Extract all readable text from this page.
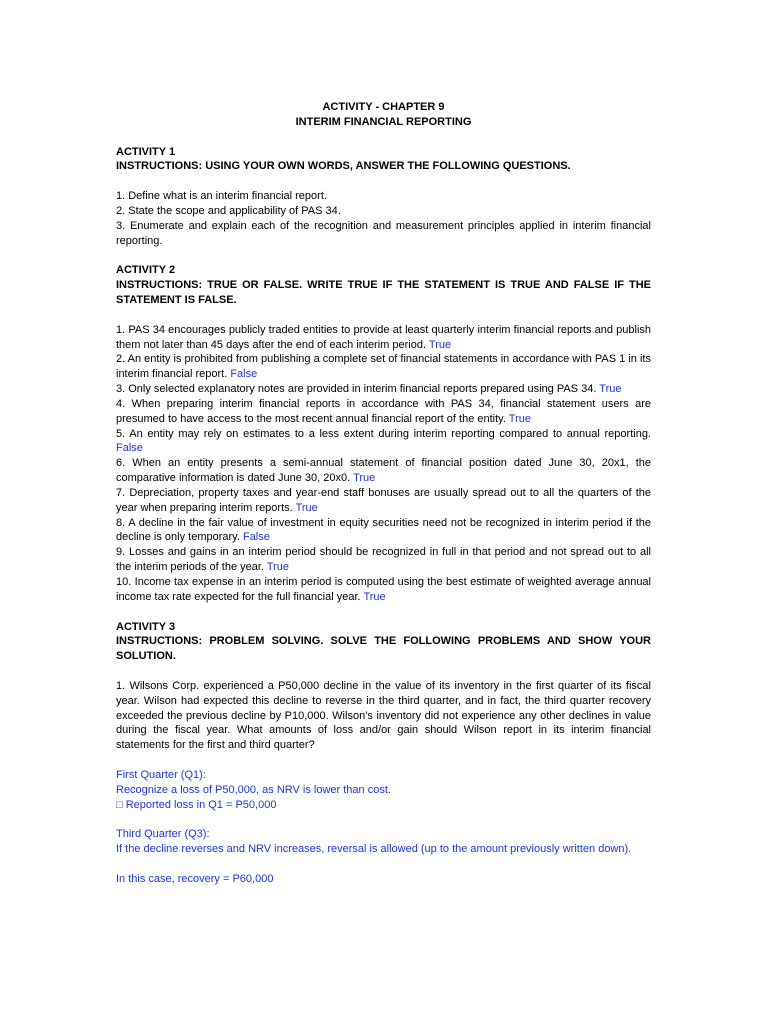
ACTIVITY - CHAPTER 9

INTERIM FINANCIAL REPORTING

ACTIVITY 1

INSTRUCTIONS: USING YOUR OWN WORDS, ANSWER THE FOLLOWING QUESTIONS.

1. Define what is an interim financial report.

2. State the scope and applicability of PAS 34.

3. Enumerate and explain each of the recognition and measurement principles applied in interim financial reporting.

ACTIVITY 2

INSTRUCTIONS: TRUE OR FALSE. WRITE TRUE IF THE STATEMENT IS TRUE AND FALSE IF THE STATEMENT IS FALSE.

1. PAS 34 encourages publicly traded entities to provide at least quarterly interim financial reports and publish them not later than 45 days after the end of each interim period. True

2. An entity is prohibited from publishing a complete set of financial statements in accordance with PAS 1 in its interim financial report. False

3. Only selected explanatory notes are provided in interim financial reports prepared using PAS 34. True

4. When preparing interim financial reports in accordance with PAS 34, financial statement users are presumed to have access to the most recent annual financial report of the entity. True

5. An entity may rely on estimates to a less extent during interim reporting compared to annual reporting. False

6. When an entity presents a semi-annual statement of financial position dated June 30, 20x1, the comparative information is dated June 30, 20x0. True

7. Depreciation, property taxes and year-end staff bonuses are usually spread out to all the quarters of the year when preparing interim reports. True

8. A decline in the fair value of investment in equity securities need not be recognized in interim period if the decline is only temporary. False

9. Losses and gains in an interim period should be recognized in full in that period and not spread out to all the interim periods of the year. True

10. Income tax expense in an interim period is computed using the best estimate of weighted average annual income tax rate expected for the full financial year. True

ACTIVITY 3

INSTRUCTIONS: PROBLEM SOLVING. SOLVE THE FOLLOWING PROBLEMS AND SHOW YOUR SOLUTION.

1. Wilsons Corp. experienced a P50,000 decline in the value of its inventory in the first quarter of its fiscal year. Wilson had expected this decline to reverse in the third quarter, and in fact, the third quarter recovery exceeded the previous decline by P10,000. Wilson’s inventory did not experience any other declines in value during the fiscal year. What amounts of loss and/or gain should Wilson report in its interim financial statements for the first and third quarter?

First Quarter (Q1):

Recognize a loss of P50,000, as NRV is lower than cost.

□ Reported loss in Q1 = P50,000

Third Quarter (Q3):

If the decline reverses and NRV increases, reversal is allowed (up to the amount previously written down).

In this case, recovery = P60,000
